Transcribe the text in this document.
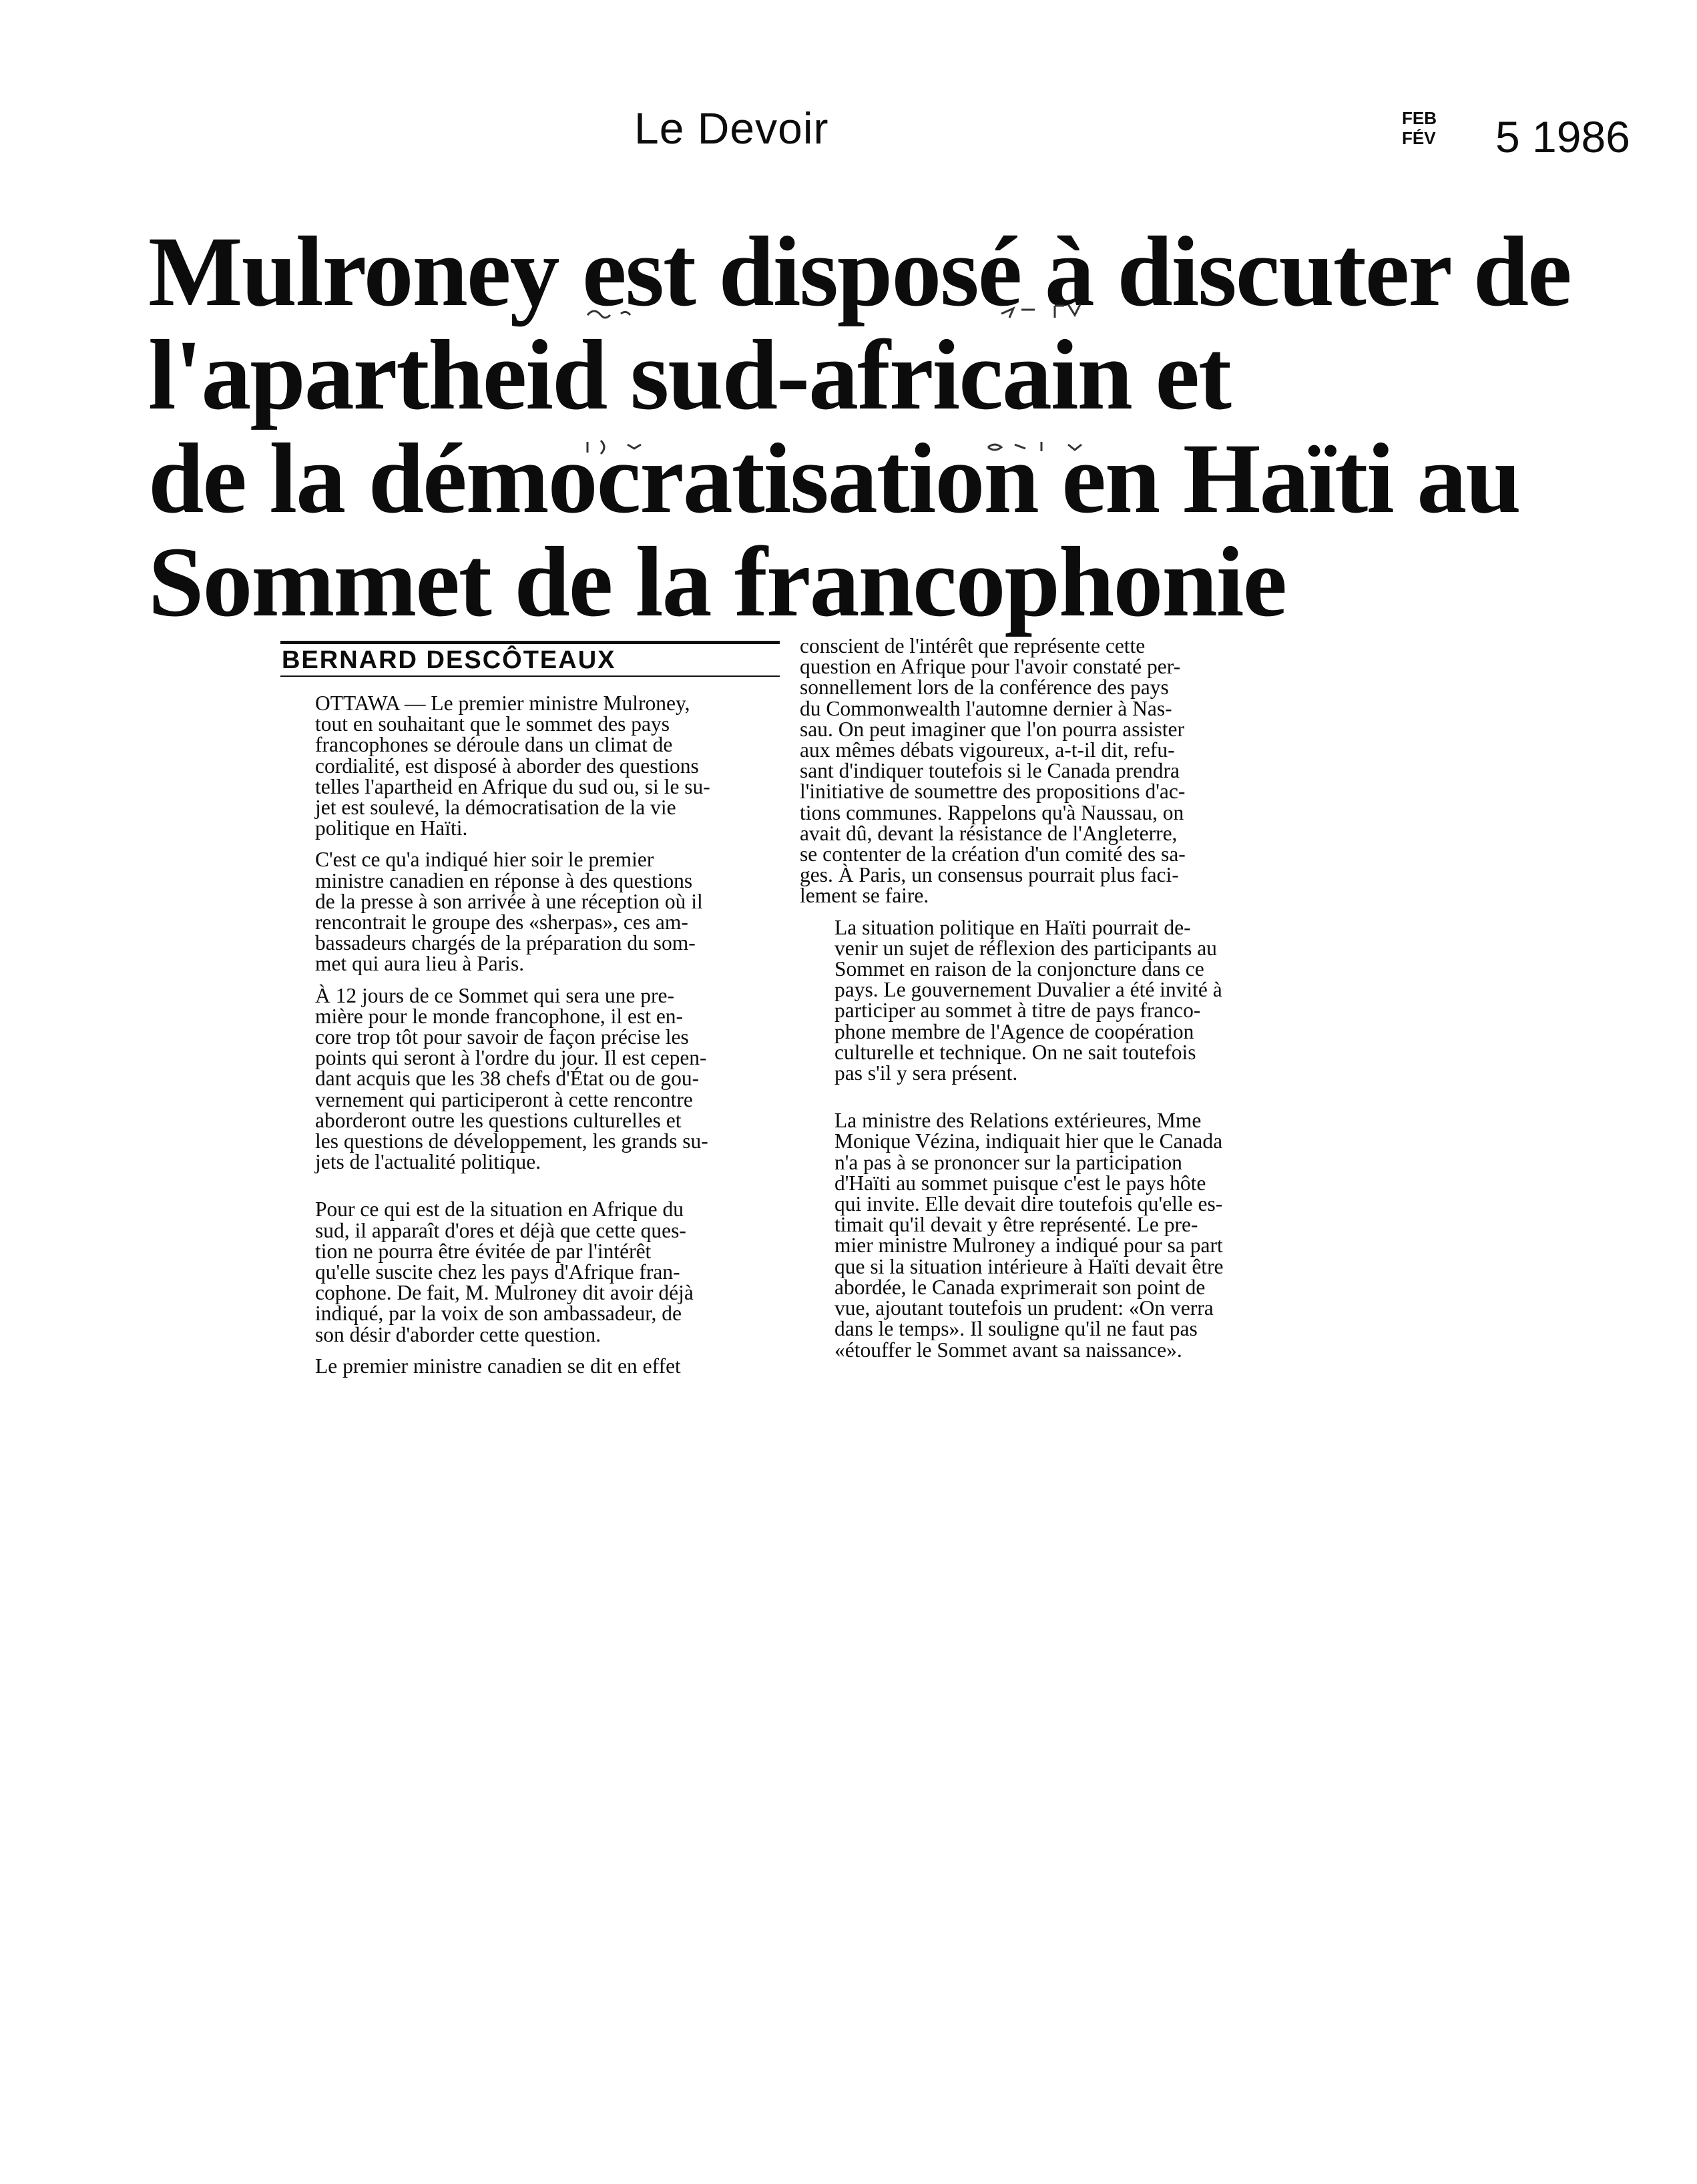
Le Devoir	FEB
FÉV	5 1986
Mulroney est disposé à discuter de
l'apartheid sud-africain et
de la démocratisation en Haïti au
Sommet de la francophonie
BERNARD DESCÔTEAUX

OTTAWA — Le premier ministre Mulroney,
tout en souhaitant que le sommet des pays
francophones se déroule dans un climat de
cordialité, est disposé à aborder des questions
telles l'apartheid en Afrique du sud ou, si le su-
jet est soulevé, la démocratisation de la vie
politique en Haïti.

C'est ce qu'a indiqué hier soir le premier
ministre canadien en réponse à des questions
de la presse à son arrivée à une réception où il
rencontrait le groupe des «sherpas», ces am-
bassadeurs chargés de la préparation du som-
met qui aura lieu à Paris.

À 12 jours de ce Sommet qui sera une pre-
mière pour le monde francophone, il est en-
core trop tôt pour savoir de façon précise les
points qui seront à l'ordre du jour. Il est cepen-
dant acquis que les 38 chefs d'État ou de gou-
vernement qui participeront à cette rencontre
aborderont outre les questions culturelles et
les questions de développement, les grands su-
jets de l'actualité politique.

Pour ce qui est de la situation en Afrique du
sud, il apparaît d'ores et déjà que cette ques-
tion ne pourra être évitée de par l'intérêt
qu'elle suscite chez les pays d'Afrique fran-
cophone. De fait, M. Mulroney dit avoir déjà
indiqué, par la voix de son ambassadeur, de
son désir d'aborder cette question.

Le premier ministre canadien se dit en effet

conscient de l'intérêt que représente cette
question en Afrique pour l'avoir constaté per-
sonnellement lors de la conférence des pays
du Commonwealth l'automne dernier à Nas-
sau. On peut imaginer que l'on pourra assister
aux mêmes débats vigoureux, a-t-il dit, refu-
sant d'indiquer toutefois si le Canada prendra
l'initiative de soumettre des propositions d'ac-
tions communes. Rappelons qu'à Naussau, on
avait dû, devant la résistance de l'Angleterre,
se contenter de la création d'un comité des sa-
ges. À Paris, un consensus pourrait plus faci-
lement se faire.

La situation politique en Haïti pourrait de-
venir un sujet de réflexion des participants au
Sommet en raison de la conjoncture dans ce
pays. Le gouvernement Duvalier a été invité à
participer au sommet à titre de pays franco-
phone membre de l'Agence de coopération
culturelle et technique. On ne sait toutefois
pas s'il y sera présent.

La ministre des Relations extérieures, Mme
Monique Vézina, indiquait hier que le Canada
n'a pas à se prononcer sur la participation
d'Haïti au sommet puisque c'est le pays hôte
qui invite. Elle devait dire toutefois qu'elle es-
timait qu'il devait y être représenté. Le pre-
mier ministre Mulroney a indiqué pour sa part
que si la situation intérieure à Haïti devait être
abordée, le Canada exprimerait son point de
vue, ajoutant toutefois un prudent: «On verra
dans le temps». Il souligne qu'il ne faut pas
«étouffer le Sommet avant sa naissance».
